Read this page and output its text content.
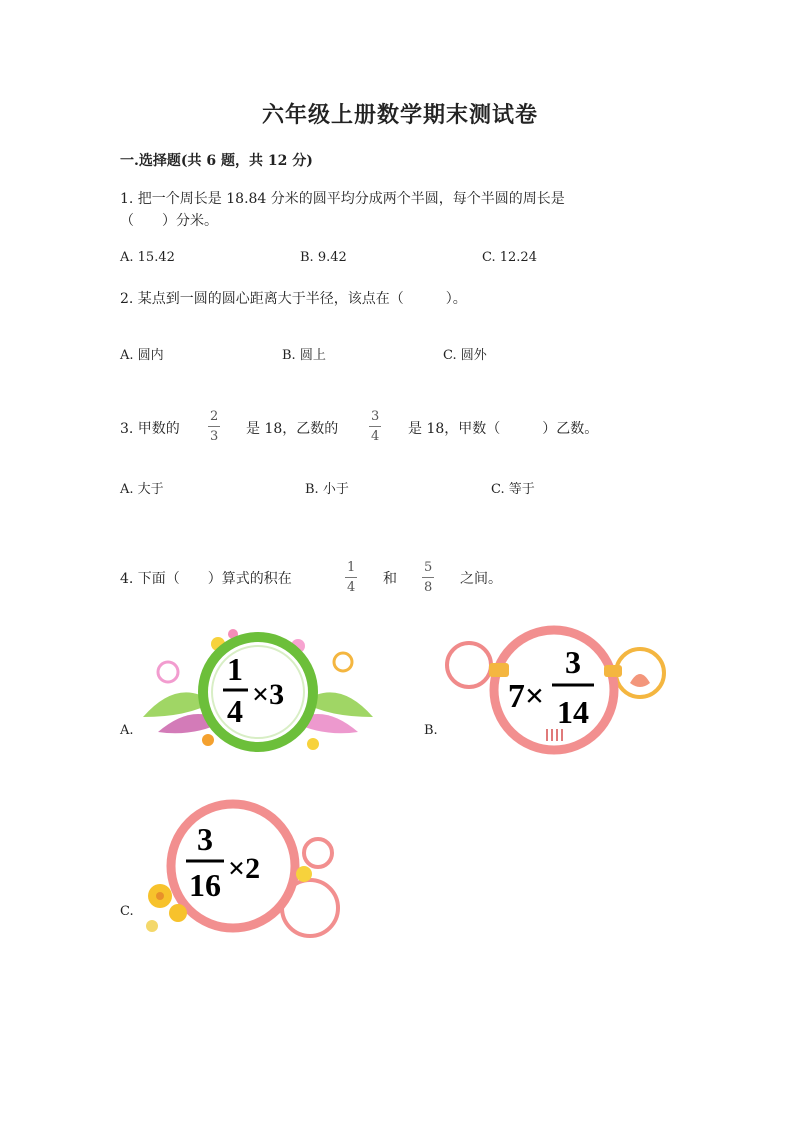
六年级上册数学期末测试卷
一.选择题(共 6 题，共 12 分)
1. 把一个周长是 18.84 分米的圆平均分成两个半圆，每个半圆的周长是
（　　）分米。
A. 15.42	B. 9.42	C. 12.24
2. 某点到一圆的圆心距离大于半径，该点在（　　　）。
A. 圆内	B. 圆上	C. 圆外
3. 甲数的
2
3 是 18，乙数的
3
4 是 18，甲数（　　　）乙数。
A. 大于	B. 小于	C. 等于
4. 下面（　　）算式的积在
1
4
和
5
8
之间。
A.
1
4 ×3
B.
7×
3
14
C.
3
16 ×2
